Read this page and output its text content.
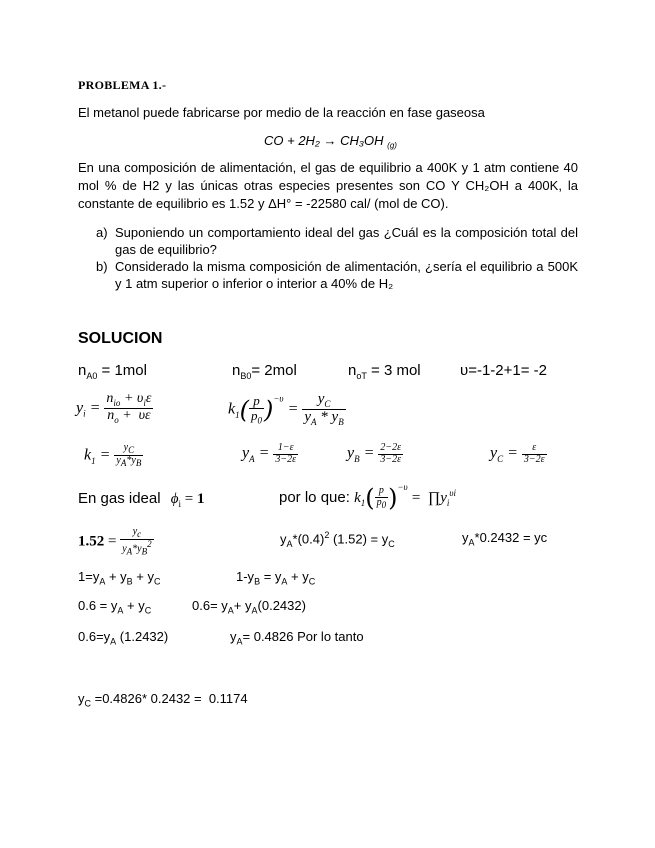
PROBLEMA 1.-
El metanol puede fabricarse por medio de la reacción en fase gaseosa
CO + 2H₂ → CH₃OH $_{(g)}$
En una composición de alimentación, el gas de equilibrio a 400K y 1 atm contiene 40
mol % de H2 y las únicas otras especies presentes son CO Y CH₂OH a 400K, la
constante de equilibrio es 1.52 y ΔH° = -22580 cal/ (mol de CO).
a) Suponiendo un comportamiento ideal del gas ¿Cuál es la composición total del
gas de equilibrio?
b) Considerado la misma composición de alimentación, ¿sería el equilibrio a 500K
y 1 atm superior o inferior o interior a 40% de H₂
SOLUCION
$n_{A0} = 1mol$	$n_{B0}= 2mol$	$n_{oT} = 3$ mol	υ=-1-2+1= -2
$y_i = \frac{n_{io} + \upsilon_i\varepsilon}{n_o + \upsilon\varepsilon}$	$k_1( \frac{p}{p_0} )^{-\upsilon} = \frac{y_C}{y_A * y_B}$
$k_1 = \frac{y_C}{y_A*y_B}$	$y_A = \frac{1-\varepsilon}{3-2\varepsilon}$	$y_B = \frac{2-2\varepsilon}{3-2\varepsilon}$	$y_C = \frac{\varepsilon}{3-2\varepsilon}$
En gas ideal $\phi_i = 1$	por lo que: $k_1( \frac{p}{p_0} )^{-\upsilon}$ =  $\prod y_i^{\upsilon i}$
$1.52 = \frac{y_c}{y_A*y_B^2}$	$y_A*(0.4)^2$ $(1.52) = y_C$	$y_A*0.2432$ = yc
$1=y_A + y_B + y_C$	$1-y_B = y_A + y_C$
$0.6 = y_A + y_C$	$0.6= y_A+ y_A(0.2432)$
$0.6=y_A$ (1.2432)	$y_A= 0.4826$ Por lo tanto
$y_C =0.4826*$ 0.2432 =  0.1174
